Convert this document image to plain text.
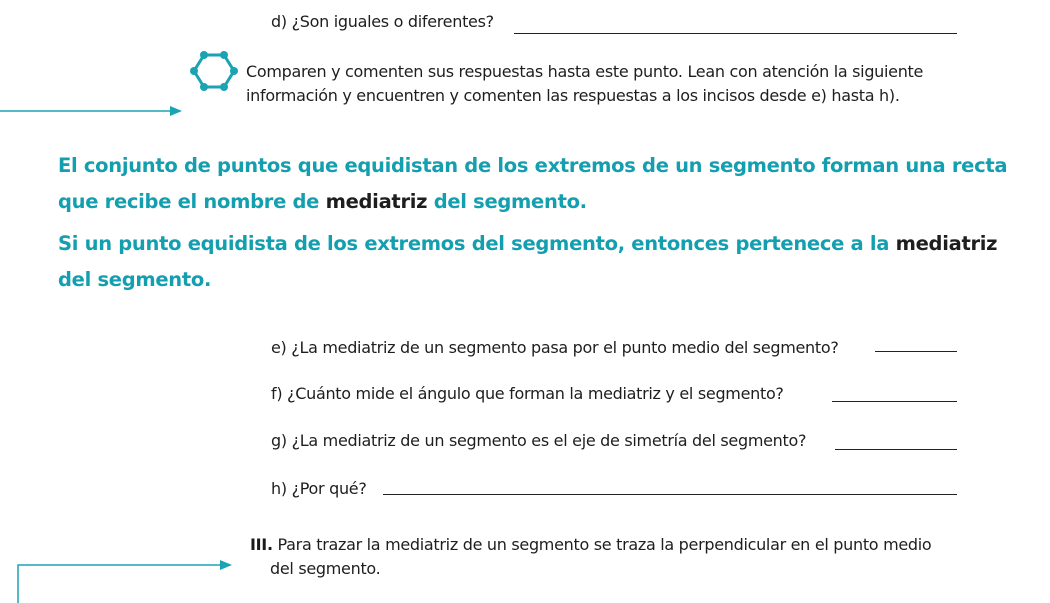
d) ¿Son iguales o diferentes?
Comparen y comenten sus respuestas hasta este punto. Lean con atención la siguiente
información y encuentren y comenten las respuestas a los incisos desde e) hasta h).
El conjunto de puntos que equidistan de los extremos de un segmento forman una recta
que recibe el nombre de mediatriz del segmento.
Si un punto equidista de los extremos del segmento, entonces pertenece a la mediatriz
del segmento.
e) ¿La mediatriz de un segmento pasa por el punto medio del segmento?
f) ¿Cuánto mide el ángulo que forman la mediatriz y el segmento?
g) ¿La mediatriz de un segmento es el eje de simetría del segmento?
h) ¿Por qué?
III. Para trazar la mediatriz de un segmento se traza la perpendicular en el punto medio
del segmento.
